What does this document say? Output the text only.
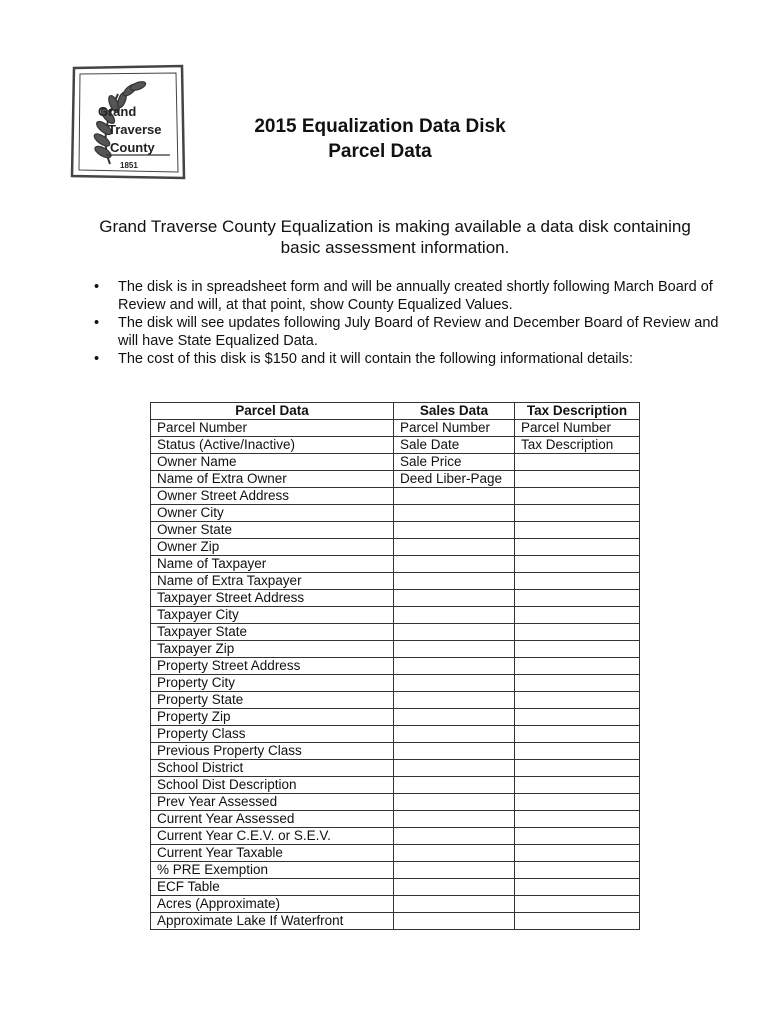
Grand
Traverse
County
1851

2015 Equalization Data Disk

Parcel Data

Grand Traverse County Equalization is making available a data disk containing basic assessment information.
• The disk is in spreadsheet form and will be annually created shortly following March Board of Review and will, at that point, show County Equalized Values.
• The disk will see updates following July Board of Review and December Board of Review and will have State Equalized Data.
• The cost of this disk is $150 and it will contain the following informational details:
Parcel Data	Sales Data	Tax Description
Parcel Number	Parcel Number	Parcel Number
Status (Active/Inactive)	Sale Date	Tax Description
Owner Name	Sale Price	
Name of Extra Owner	Deed Liber-Page	
Owner Street Address		
Owner City		
Owner State		
Owner Zip		
Name of Taxpayer		
Name of Extra Taxpayer		
Taxpayer Street Address		
Taxpayer City		
Taxpayer State		
Taxpayer Zip		
Property Street Address		
Property City		
Property State		
Property Zip		
Property Class		
Previous Property Class		
School District		
School Dist Description		
Prev Year Assessed		
Current Year Assessed		
Current Year C.E.V. or S.E.V.		
Current Year Taxable		
% PRE Exemption		
ECF Table		
Acres (Approximate)		
Approximate Lake If Waterfront		
